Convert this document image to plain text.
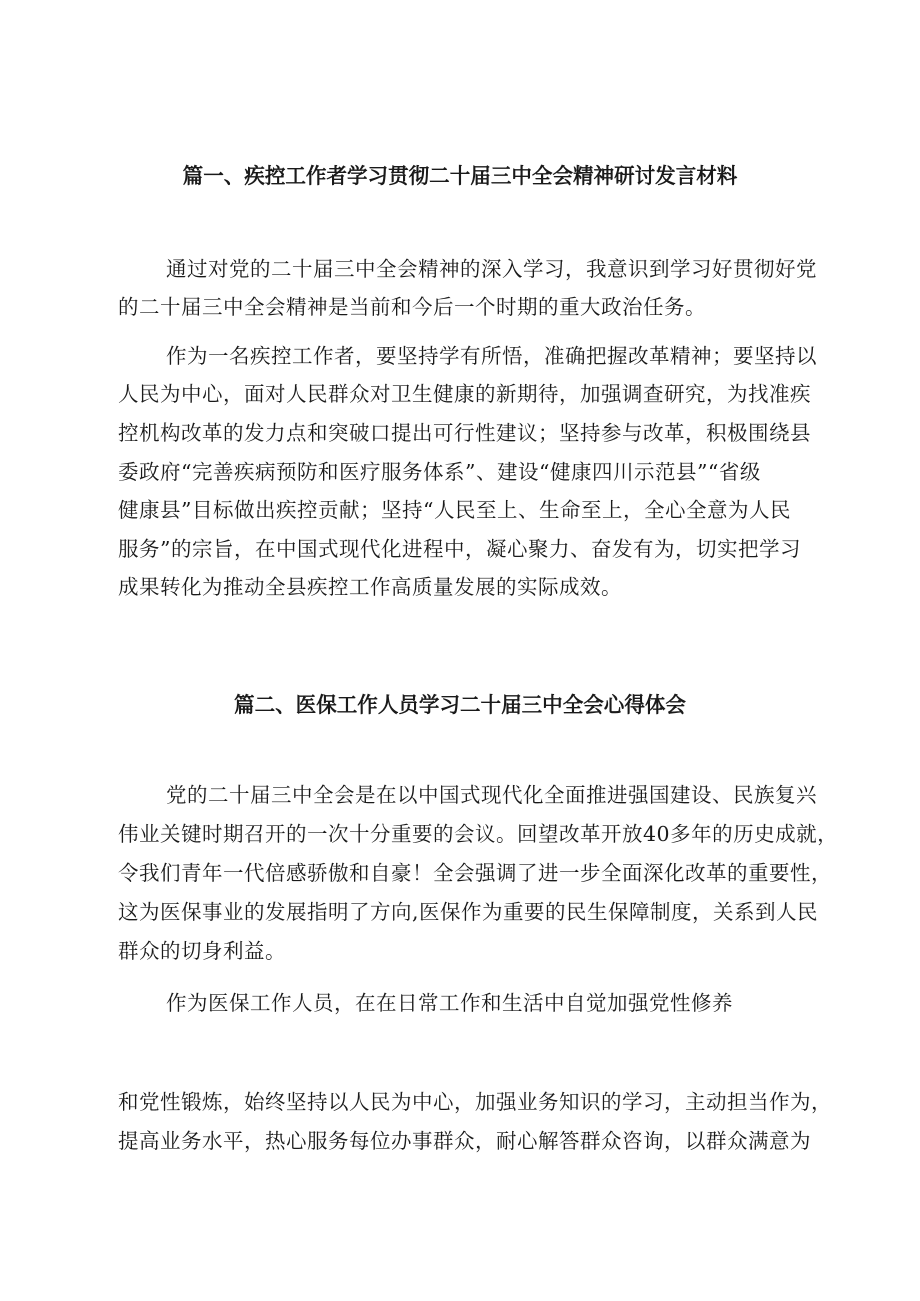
篇一、疾控工作者学习贯彻二十届三中全会精神研讨发言材料
通过对党的二十届三中全会精神的深入学习，我意识到学习好贯彻好党
的二十届三中全会精神是当前和今后一个时期的重大政治任务。
作为一名疾控工作者，要坚持学有所悟，准确把握改革精神；要坚持以
人民为中心，面对人民群众对卫生健康的新期待，加强调查研究，为找准疾
控机构改革的发力点和突破口提出可行性建议；坚持参与改革，积极围绕县
委政府“完善疾病预防和医疗服务体系”、建设“健康四川示范县”“省级
健康县”目标做出疾控贡献；坚持“人民至上、生命至上，全心全意为人民
服务”的宗旨，在中国式现代化进程中，凝心聚力、奋发有为，切实把学习
成果转化为推动全县疾控工作高质量发展的实际成效。
篇二、医保工作人员学习二十届三中全会心得体会
党的二十届三中全会是在以中国式现代化全面推进强国建设、民族复兴
伟业关键时期召开的一次十分重要的会议。回望改革开放40多年的历史成就，
令我们青年一代倍感骄傲和自豪！全会强调了进一步全面深化改革的重要性，
这为医保事业的发展指明了方向,医保作为重要的民生保障制度，关系到人民
群众的切身利益。
作为医保工作人员，在在日常工作和生活中自觉加强党性修养
和党性锻炼，始终坚持以人民为中心，加强业务知识的学习，主动担当作为，
提高业务水平，热心服务每位办事群众，耐心解答群众咨询，以群众满意为
